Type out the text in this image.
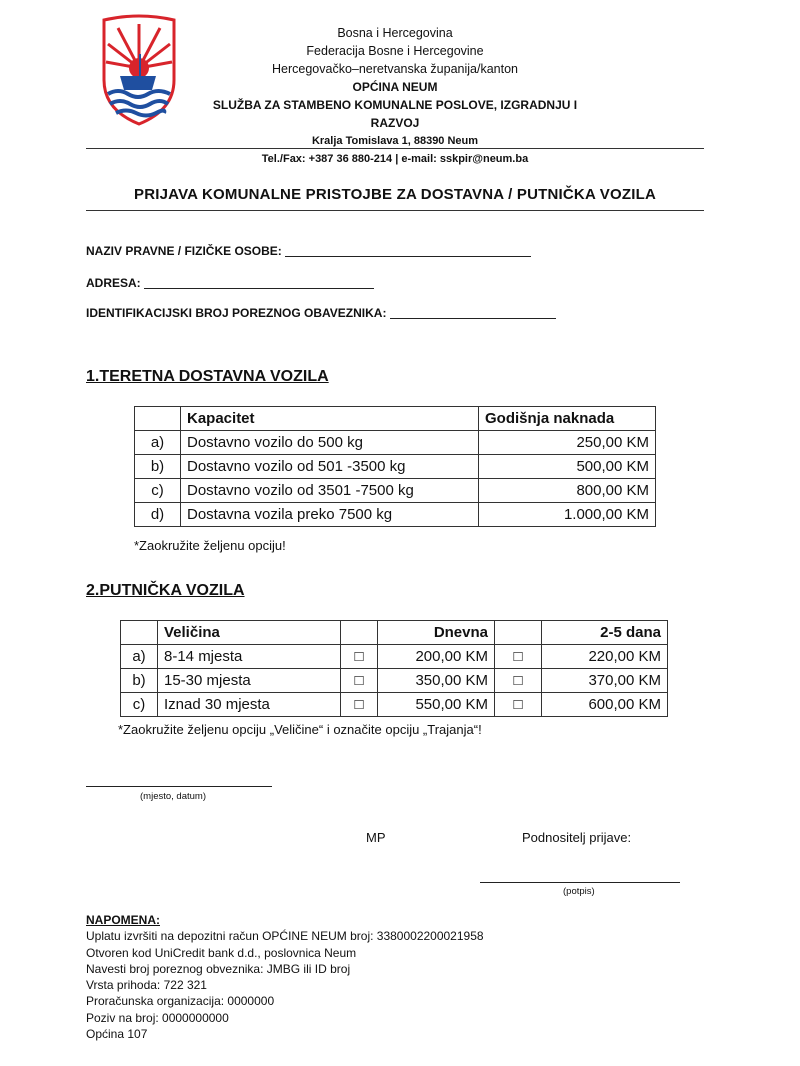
Bosna i Hercegovina
Federacija Bosne i Hercegovine
Hercegovačko–neretvanska županija/kanton
OPĆINA NEUM
SLUŽBA ZA STAMBENO KOMUNALNE POSLOVE, IZGRADNJU I RAZVOJ
Kralja Tomislava 1, 88390 Neum
Tel./Fax: +387 36 880-214 | e-mail: sskpir@neum.ba
PRIJAVA KOMUNALNE PRISTOJBE ZA DOSTAVNA / PUTNIČKA VOZILA
NAZIV PRAVNE / FIZIČKE OSOBE:
ADRESA:
IDENTIFIKACIJSKI BROJ POREZNOG OBAVEZNIKA:
1.TERETNA DOSTAVNA VOZILA
	Kapacitet	Godišnja naknada
a)	Dostavno vozilo do 500 kg	250,00 KM
b)	Dostavno vozilo od 501 -3500 kg	500,00 KM
c)	Dostavno vozilo od 3501 -7500 kg	800,00 KM
d)	Dostavna vozila preko 7500 kg	1.000,00 KM
*Zaokružite željenu opciju!
2.PUTNIČKA VOZILA
	Veličina		Dnevna		2-5 dana
a)	8-14 mjesta	□	200,00 KM	□	220,00 KM
b)	15-30 mjesta	□	350,00 KM	□	370,00 KM
c)	Iznad 30 mjesta	□	550,00 KM	□	600,00 KM
*Zaokružite željenu opciju „Veličine“ i označite opciju „Trajanja“!
(mjesto, datum)
MP	Podnositelj prijave:
(potpis)
NAPOMENA:
Uplatu izvršiti na depozitni račun OPĆINE NEUM broj: 3380002200021958
Otvoren kod UniCredit bank d.d., poslovnica Neum
Navesti broj poreznog obveznika: JMBG ili ID broj
Vrsta prihoda: 722 321
Proračunska organizacija: 0000000
Poziv na broj: 0000000000
Općina 107
